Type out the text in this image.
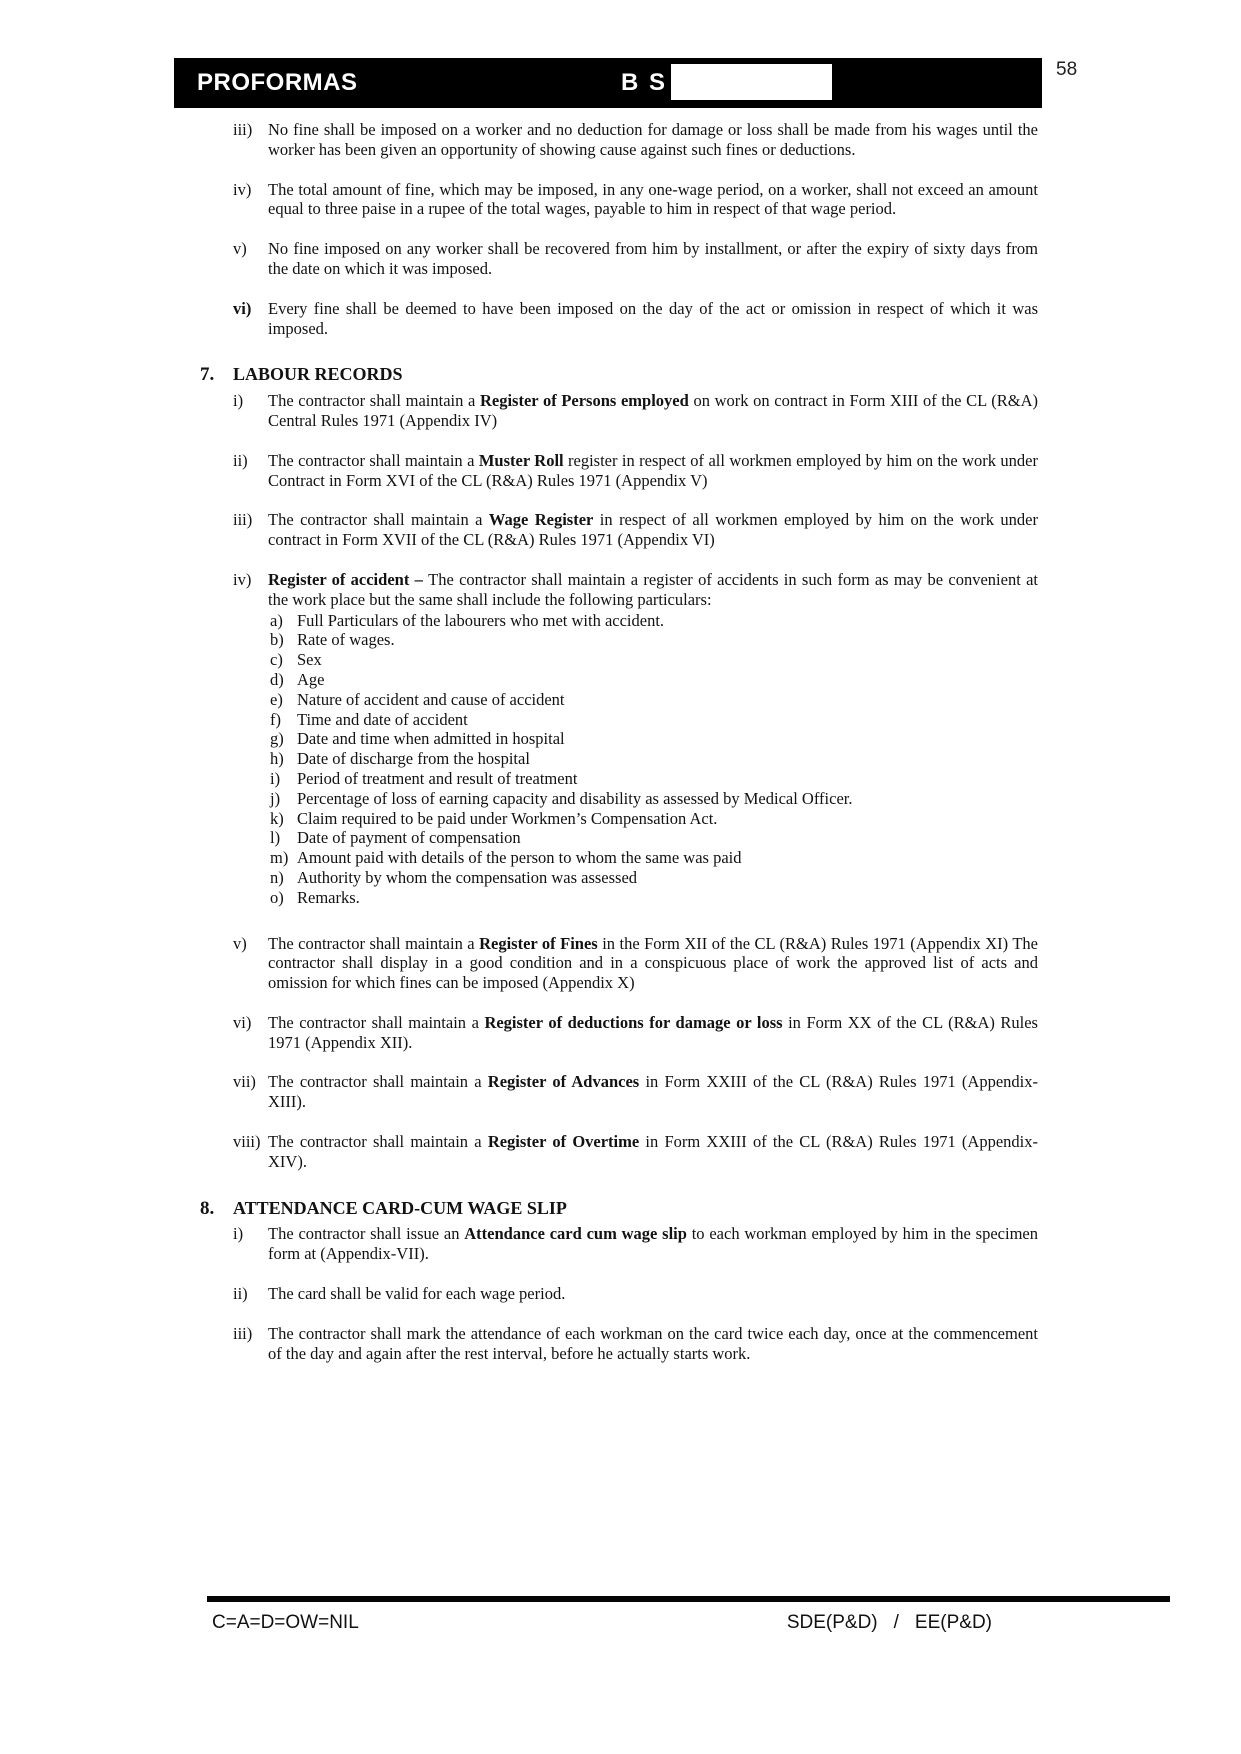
PROFORMAS	B S	58
iii) No fine shall be imposed on a worker and no deduction for damage or loss shall be made from his wages until the worker has been given an opportunity of showing cause against such fines or deductions.
iv)	The total amount of fine, which may be imposed, in any one-wage period, on a worker, shall not exceed an amount equal to three paise in a rupee of the total wages, payable to him in respect of that wage period.
v)	No fine imposed on any worker shall be recovered from him by installment, or after the expiry of sixty days from the date on which it was imposed.
vi)	Every fine shall be deemed to have been imposed on the day of the act or omission in respect of which it was imposed.
7.	LABOUR RECORDS
i)	The contractor shall maintain a Register of Persons employed on work on contract in Form XIII of the CL (R&A) Central Rules 1971 (Appendix IV)
ii)	The contractor shall maintain a Muster Roll register in respect of all workmen employed by him on the work under Contract in Form XVI of the CL (R&A) Rules 1971 (Appendix V)
iii) The contractor shall maintain a Wage Register in respect of all workmen employed by him on the work under contract in Form XVII of the CL (R&A) Rules 1971 (Appendix VI)
iv)	Register of accident – The contractor shall maintain a register of accidents in such form as may be convenient at the work place but the same shall include the following particulars:
a) Full Particulars of the labourers who met with accident.
b) Rate of wages.
c) Sex
d) Age
e) Nature of accident and cause of accident
f) Time and date of accident
g) Date and time when admitted in hospital
h) Date of discharge from the hospital
i)	Period of treatment and result of treatment
j)	Percentage of loss of earning capacity and disability as assessed by Medical Officer.
k) Claim required to be paid under Workmen’s Compensation Act.
l)	Date of payment of compensation
m) Amount paid with details of the person to whom the same was paid
n) Authority by whom the compensation was assessed
o) Remarks.
v)	The contractor shall maintain a Register of Fines in the Form XII of the CL (R&A) Rules 1971 (Appendix XI) The contractor shall display in a good condition and in a conspicuous place of work the approved list of acts and omission for which fines can be imposed (Appendix X)
vi)	The contractor shall maintain a Register of deductions for damage or loss in Form XX of the CL (R&A) Rules 1971 (Appendix XII).
vii) The contractor shall maintain a Register of Advances in Form XXIII of the CL (R&A) Rules 1971 (Appendix-XIII).
viii) The contractor shall maintain a Register of Overtime in Form XXIII of the CL (R&A) Rules 1971 (Appendix-XIV).
8.	ATTENDANCE CARD-CUM WAGE SLIP
i)	The contractor shall issue an Attendance card cum wage slip to each workman employed by him in the specimen form at (Appendix-VII).
ii)	The card shall be valid for each wage period.
iii) The contractor shall mark the attendance of each workman on the card twice each day, once at the commencement of the day and again after the rest interval, before he actually starts work.
C=A=D=OW=NIL	SDE(P&D) / EE(P&D)
